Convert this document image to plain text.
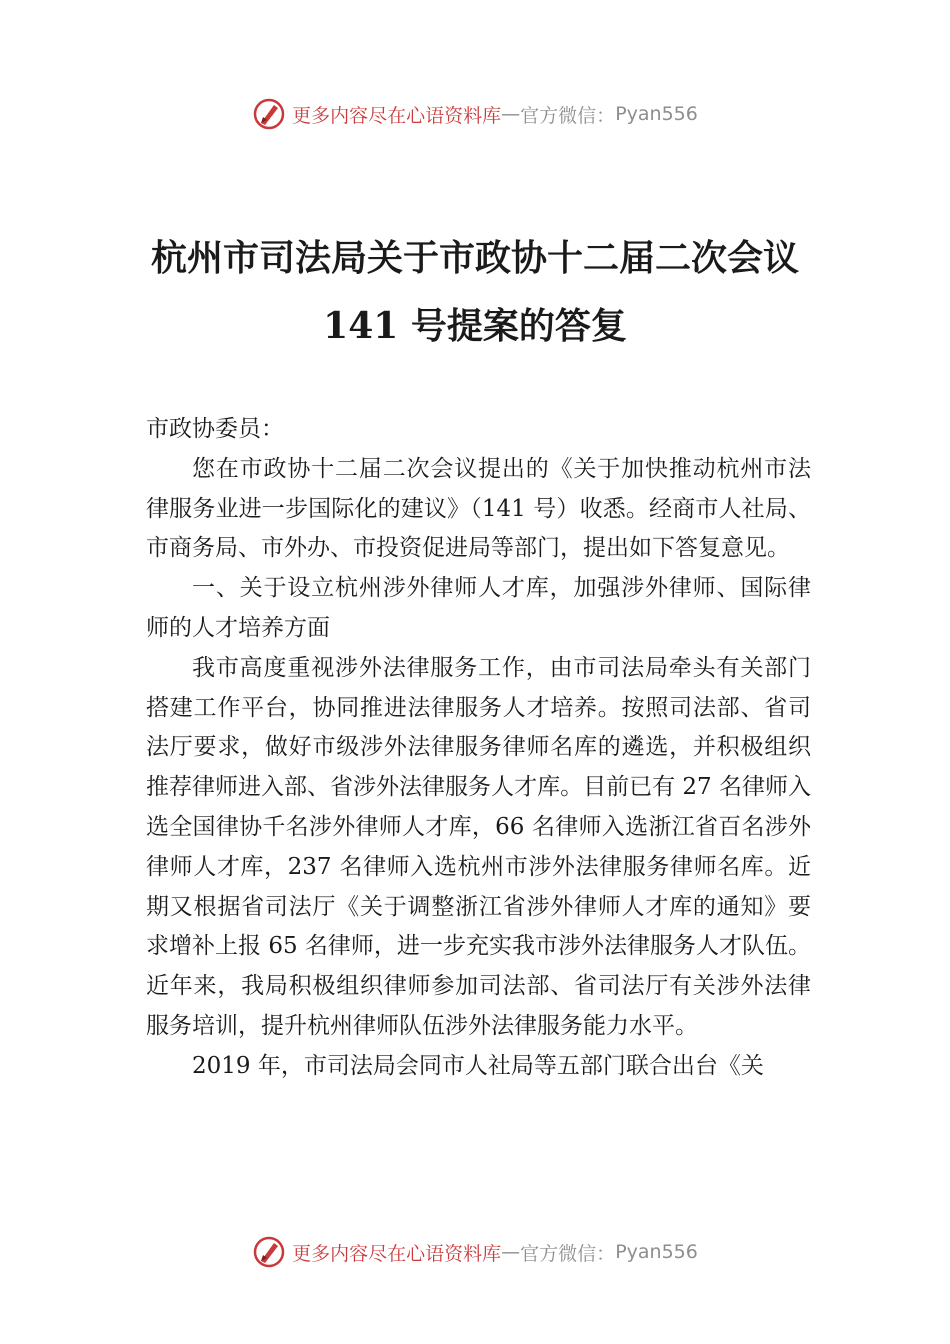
更多内容尽在心语资料库 — 官方微信： Pyan556
杭州市司法局关于市政协十二届二次会议
141 号提案的答复

市政协委员：

您在市政协十二届二次会议提出的《关于加快推动杭州市法律服务业进一步国际化的建议》（141 号）收悉。经商市人社局、市商务局、市外办、市投资促进局等部门，提出如下答复意见。

一、关于设立杭州涉外律师人才库，加强涉外律师、国际律师的人才培养方面

我市高度重视涉外法律服务工作，由市司法局牵头有关部门搭建工作平台，协同推进法律服务人才培养。按照司法部、省司法厅要求，做好市级涉外法律服务律师名库的遴选，并积极组织推荐律师进入部、省涉外法律服务人才库。目前已有 27 名律师入选全国律协千名涉外律师人才库，66 名律师入选浙江省百名涉外律师人才库，237 名律师入选杭州市涉外法律服务律师名库。近期又根据省司法厅《关于调整浙江省涉外律师人才库的通知》要求增补上报 65 名律师，进一步充实我市涉外法律服务人才队伍。近年来，我局积极组织律师参加司法部、省司法厅有关涉外法律服务培训，提升杭州律师队伍涉外法律服务能力水平。

2019 年，市司法局会同市人社局等五部门联合出台《关

更多内容尽在心语资料库 — 官方微信： Pyan556
